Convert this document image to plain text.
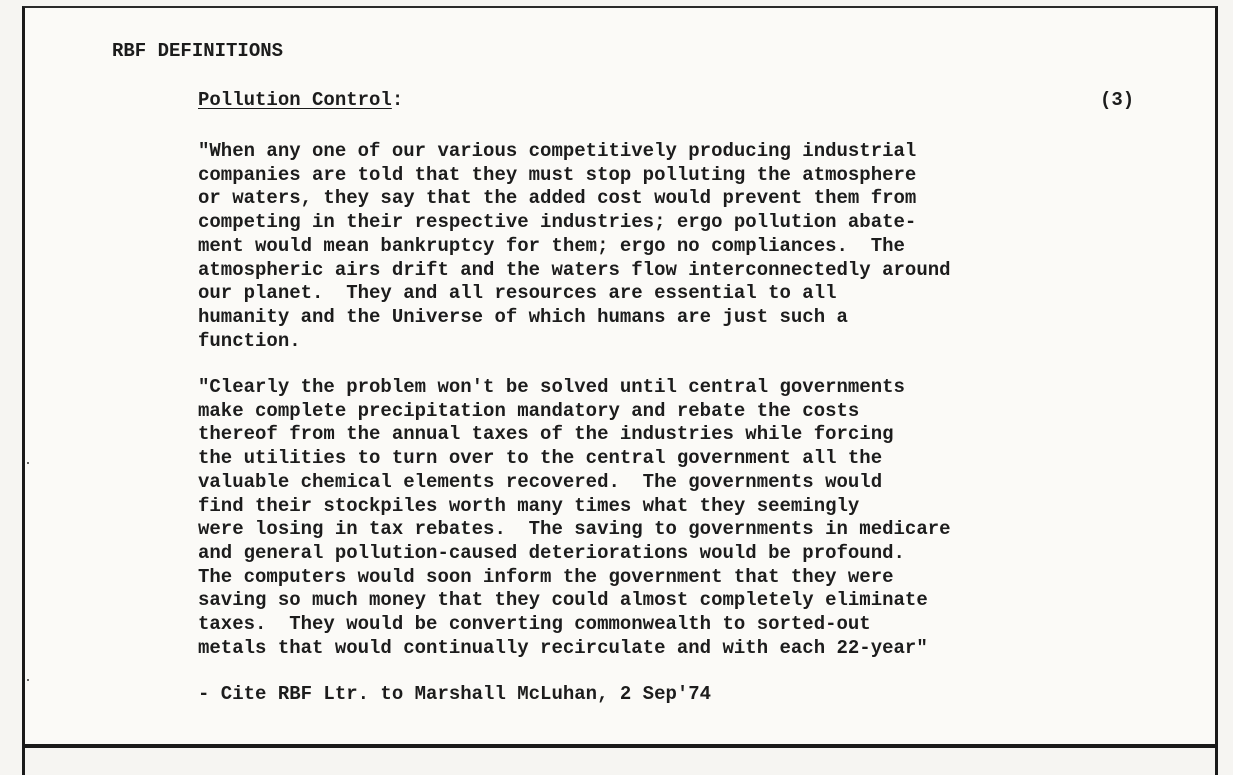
RBF DEFINITIONS
Pollution Control:	(3)

"When any one of our various competitively producing industrial
companies are told that they must stop polluting the atmosphere
or waters, they say that the added cost would prevent them from
competing in their respective industries; ergo pollution abate-
ment would mean bankruptcy for them; ergo no compliances.  The
atmospheric airs drift and the waters flow interconnectedly around
our planet.  They and all resources are essential to all
humanity and the Universe of which humans are just such a
function.

"Clearly the problem won't be solved until central governments
make complete precipitation mandatory and rebate the costs
thereof from the annual taxes of the industries while forcing
the utilities to turn over to the central government all the
valuable chemical elements recovered.  The governments would
find their stockpiles worth many times what they seemingly
were losing in tax rebates.  The saving to governments in medicare
and general pollution-caused deteriorations would be profound.
The computers would soon inform the government that they were
saving so much money that they could almost completely eliminate
taxes.  They would be converting commonwealth to sorted-out
metals that would continually recirculate and with each 22-year"

- Cite RBF Ltr. to Marshall McLuhan, 2 Sep'74
